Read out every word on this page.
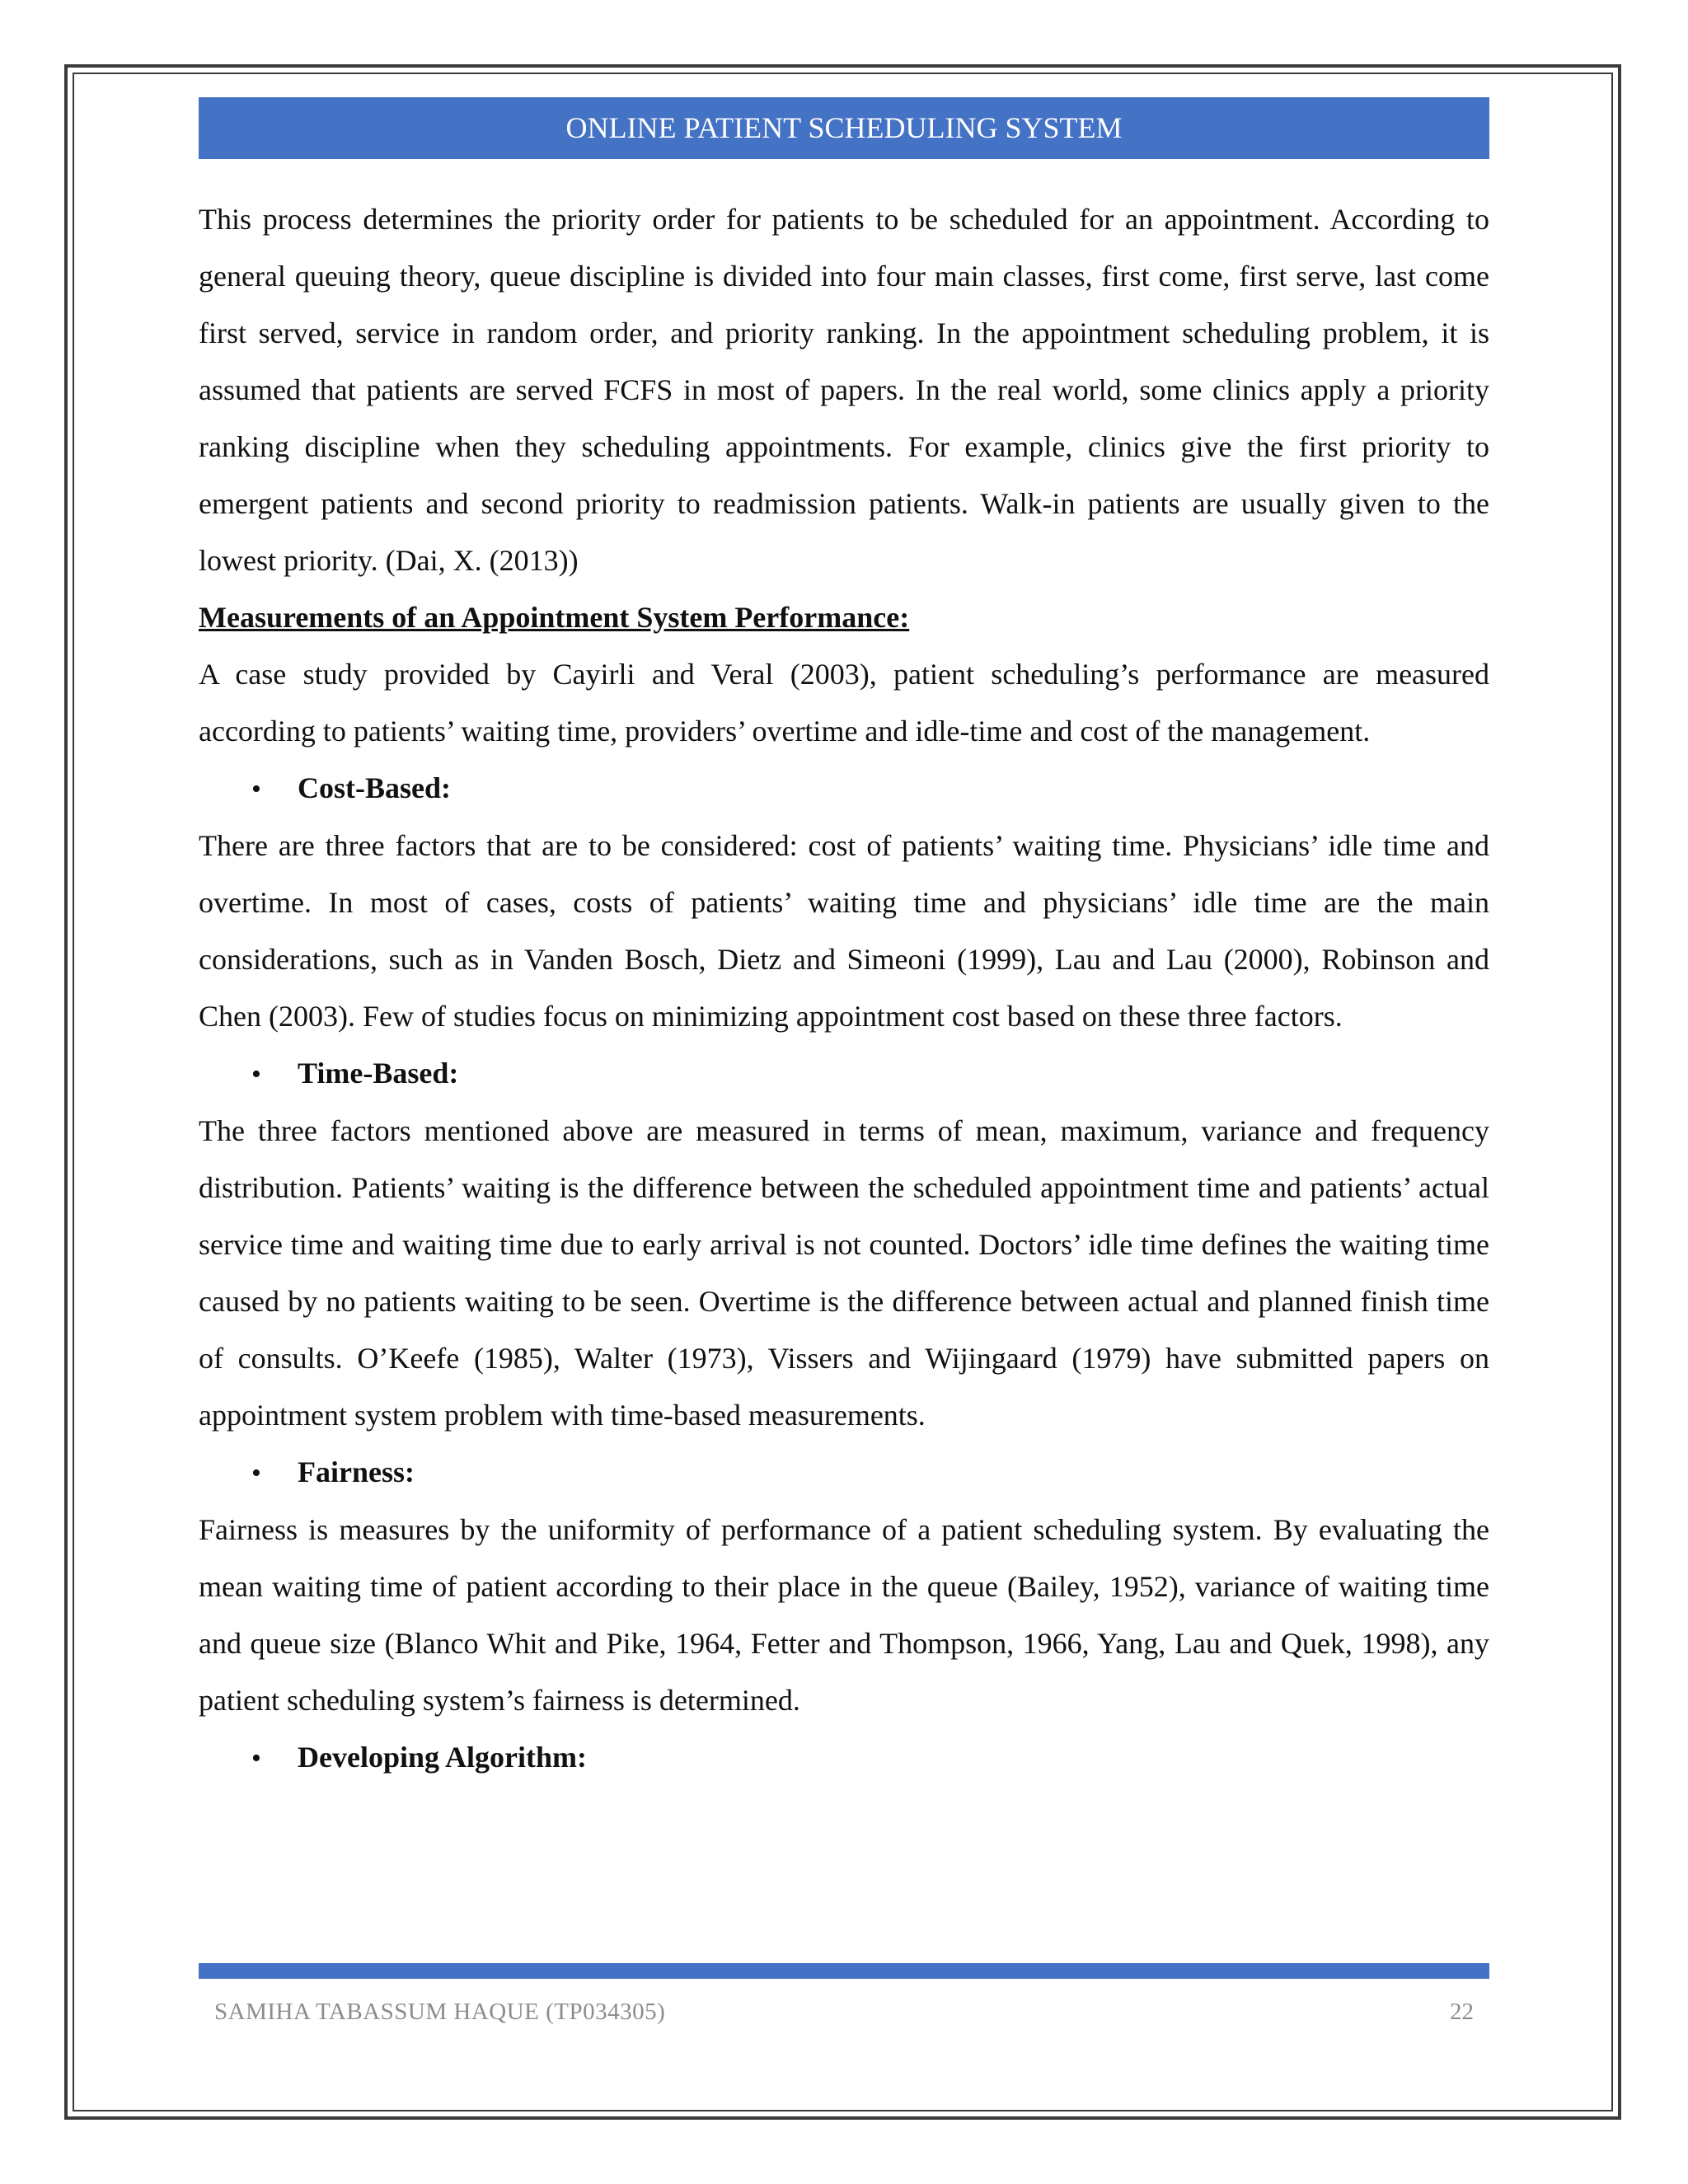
ONLINE PATIENT SCHEDULING SYSTEM

This process determines the priority order for patients to be scheduled for an appointment. According to general queuing theory, queue discipline is divided into four main classes, first come, first serve, last come first served, service in random order, and priority ranking. In the appointment scheduling problem, it is assumed that patients are served FCFS in most of papers. In the real world, some clinics apply a priority ranking discipline when they scheduling appointments. For example, clinics give the first priority to emergent patients and second priority to readmission patients. Walk-in patients are usually given to the lowest priority. (Dai, X. (2013))

Measurements of an Appointment System Performance:

A case study provided by Cayirli and Veral (2003), patient scheduling’s performance are measured according to patients’ waiting time, providers’ overtime and idle-time and cost of the management.

•	Cost-Based:

There are three factors that are to be considered: cost of patients’ waiting time. Physicians’ idle time and overtime. In most of cases, costs of patients’ waiting time and physicians’ idle time are the main considerations, such as in Vanden Bosch, Dietz and Simeoni (1999), Lau and Lau (2000), Robinson and Chen (2003). Few of studies focus on minimizing appointment cost based on these three factors.

•	Time-Based:

The three factors mentioned above are measured in terms of mean, maximum, variance and frequency distribution. Patients’ waiting is the difference between the scheduled appointment time and patients’ actual service time and waiting time due to early arrival is not counted. Doctors’ idle time defines the waiting time caused by no patients waiting to be seen. Overtime is the difference between actual and planned finish time of consults. O’Keefe (1985), Walter (1973), Vissers and Wijingaard (1979) have submitted papers on appointment system problem with time-based measurements.

•	Fairness:

Fairness is measures by the uniformity of performance of a patient scheduling system. By evaluating the mean waiting time of patient according to their place in the queue (Bailey, 1952), variance of waiting time and queue size (Blanco Whit and Pike, 1964, Fetter and Thompson, 1966, Yang, Lau and Quek, 1998), any patient scheduling system’s fairness is determined.

•	Developing Algorithm:
SAMIHA TABASSUM HAQUE (TP034305)	22
